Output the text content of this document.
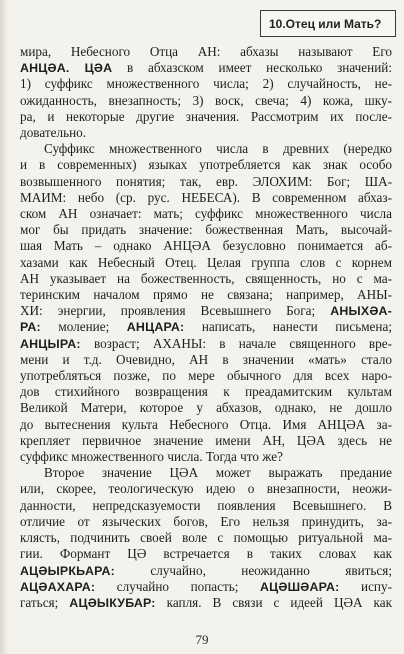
10.Отец или Мать?
мира, Небесного Отца АН: абхазы называют Его
АНЦƏА. ЦƏА в абхазском имеет несколько значений:
1) суффикс множественного числа; 2) случайность, не-
ожиданность, внезапность; 3) воск, свеча; 4) кожа, шку-
ра, и некоторые другие значения. Рассмотрим их после-
довательно.
Суффикс множественного числа в древних (нередко
и в современных) языках употребляется как знак особо
возвышенного понятия; так, евр. ЭЛОХИМ: Бог; ША-
МАИМ: небо (ср. рус. НЕБЕСА). В современном абхаз-
ском АН означает: мать; суффикс множественного числа
мог бы придать значение: божественная Мать, высочай-
шая Мать – однако АНЦƏА безусловно понимается аб-
хазами как Небесный Отец. Целая группа слов с корнем
АН указывает на божественность, священность, но с ма-
теринским началом прямо не связана; например, АНЫ-
ХИ: энергии, проявления Всевышнего Бога; АНЫХƏА-
РА: моление; АНЦАРА: написать, нанести письмена;
АНЦЫРА: возраст; АХАНЫ: в начале священного вре-
мени и т.д. Очевидно, АН в значении «мать» стало
употребляться позже, по мере обычного для всех наро-
дов стихийного возвращения к преадамитским культам
Великой Матери, которое у абхазов, однако, не дошло
до вытеснения культа Небесного Отца. Имя АНЦƏА за-
крепляет первичное значение имени АН, ЦƏА здесь не
суффикс множественного числа. Тогда что же?
Второе значение ЦƏА может выражать предание
или, скорее, теологическую идею о внезапности, неожи-
данности, непредсказуемости появления Всевышнего. В
отличие от языческих богов, Его нельзя принудить, за-
клясть, подчинить своей воле с помощью ритуальной ма-
гии. Формант ЦƏ встречается в таких словах как
АЦƏЫРКЬАРА: случайно, неожиданно явиться;
АЦƏАХАРА: случайно попасть; АЦƏШƏАРА: испу-
гаться; АЦƏЫКУБАР: капля. В связи с идеей ЦƏА как
79
